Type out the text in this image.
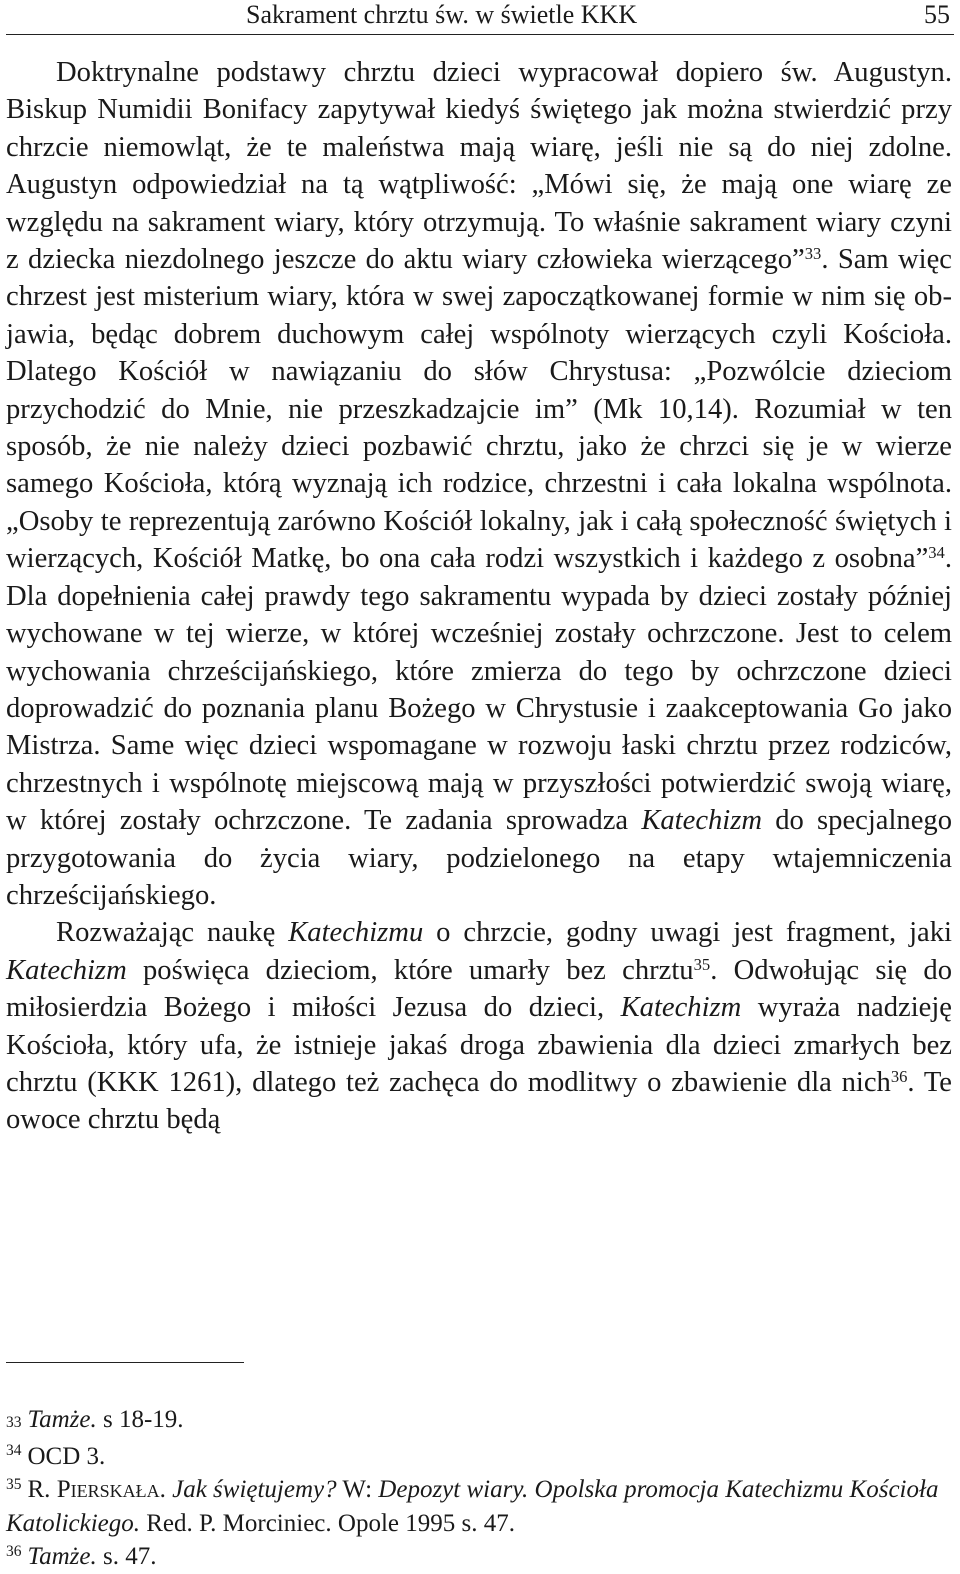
Sakrament chrztu św. w świetle KKK	55

Doktrynalne podstawy chrztu dzieci wypracował dopiero św. Augustyn. Biskup Numidii Bonifacy zapytywał kiedyś świętego jak można stwierdzić przy chrzcie niemowląt, że te maleństwa mają wiarę, jeśli nie są do niej zdolne. Augustyn odpowiedział na tą wątpliwość: „Mówi się, że mają one wiarę ze względu na sakrament wiary, który otrzymują. To właśnie sakrament wiary czyni z dziecka niezdolnego jeszcze do aktu wiary człowieka wierzącego”$^{33}$. Sam więc chrzest jest misterium wiary, która w swej zapoczątkowanej formie w nim się objawia, będąc dobrem duchowym całej wspólnoty wierzących czyli Kościoła. Dlatego Kościół w nawiązaniu do słów Chrystusa: „Pozwólcie dzieciom przychodzić do Mnie, nie przeszkadzajcie im” (Mk 10,14). Rozumiał w ten sposób, że nie należy dzieci pozbawić chrztu, jako że chrzci się je w wierze samego Kościoła, którą wyznają ich rodzice, chrzestni i cała lokalna wspólnota. „Osoby te reprezentują zarówno Kościół lokalny, jak i całą społeczność świętych i wierzących, Kościół Matkę, bo ona cała rodzi wszystkich i każdego z osobna”$^{34}$. Dla dopełnienia całej prawdy tego sakramentu wypada by dzieci zostały później wychowane w tej wierze, w której wcześniej zostały ochrzczone. Jest to celem wychowania chrześcijańskiego, które zmierza do tego by ochrzczone dzieci doprowadzić do poznania planu Bożego w Chrystusie i zaakceptowania Go jako Mistrza. Same więc dzieci wspomagane w rozwoju łaski chrztu przez rodziców, chrzestnych i wspólnotę miejscową mają w przyszłości potwierdzić swoją wiarę, w której zostały ochrzczone. Te zadania sprowadza Katechizm do specjalnego przygotowania do życia wiary, podzielonego na etapy wtajemniczenia chrześcijańskiego.

Rozważając naukę Katechizmu o chrzcie, godny uwagi jest fragment, jaki Katechizm poświęca dzieciom, które umarły bez chrztu$^{35}$. Odwołując się do miłosierdzia Bożego i miłości Jezusa do dzieci, Katechizm wyraża nadzieję Kościoła, który ufa, że istnieje jakaś droga zbawienia dla dzieci zmarłych bez chrztu (KKK 1261), dlatego też zachęca do modlitwy o zbawienie dla nich$^{36}$. Te owoce chrztu będą

33 Tamże. s 18-19.

$^{34}$ OCD 3.

$^{35}$ R. Pierskała. Jak świętujemy? W: Depozyt wiary. Opolska promocja Katechizmu Kościoła Katolickiego. Red. P. Morciniec. Opole 1995 s. 47.

$^{36}$ Tamże. s. 47.
